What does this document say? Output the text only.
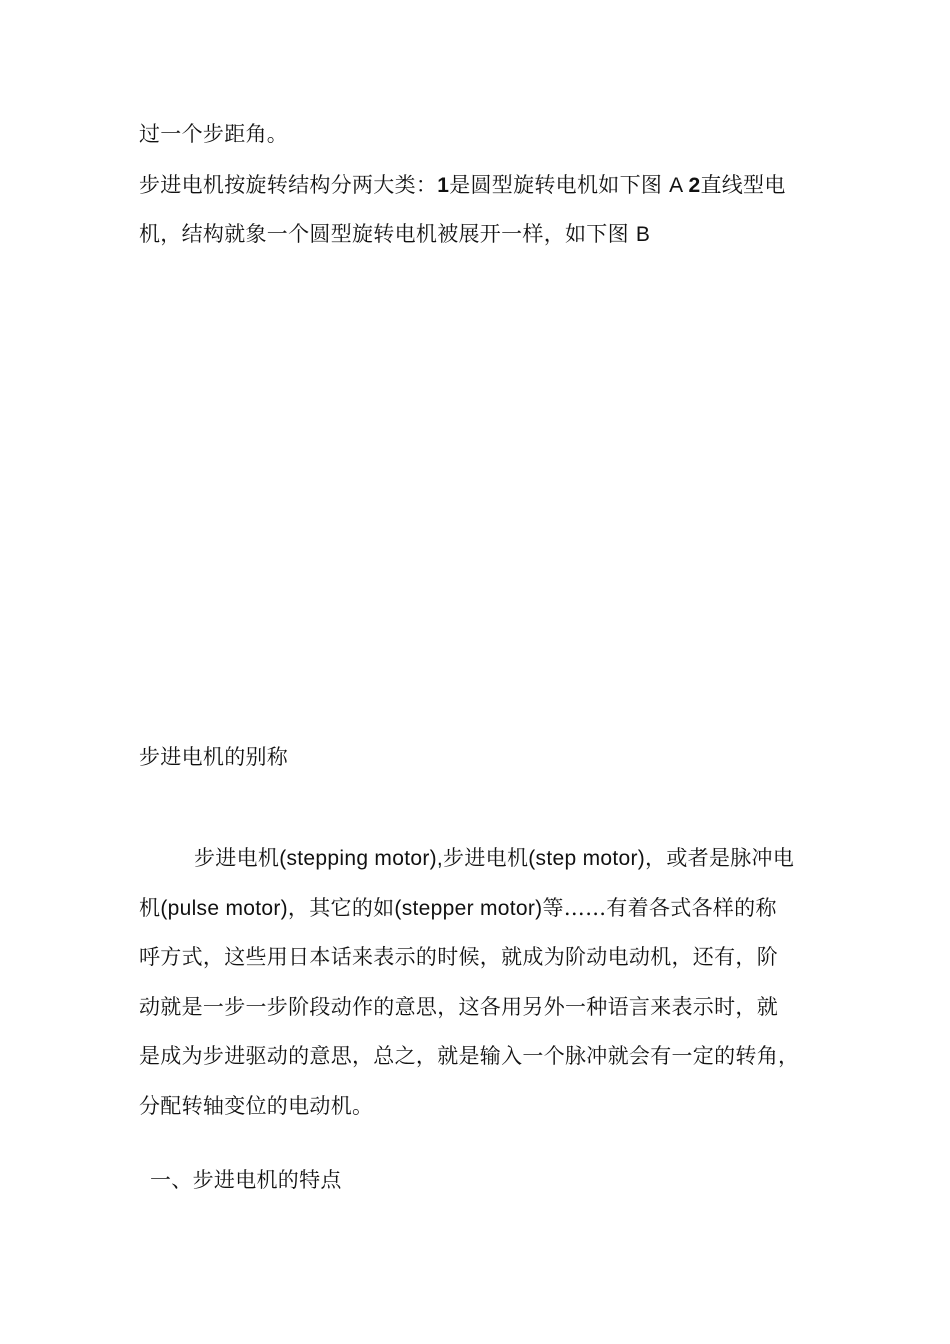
过一个步距角。
步进电机按旋转结构分两大类：1是圆型旋转电机如下图 A 2直线型电
机，结构就象一个圆型旋转电机被展开一样，如下图 B
步进电机的别称
步进电机(stepping motor),步进电机(step motor)，或者是脉冲电
机(pulse motor)，其它的如(stepper motor)等……有着各式各样的称
呼方式，这些用日本话来表示的时候，就成为阶动电动机，还有，阶
动就是一步一步阶段动作的意思，这各用另外一种语言来表示时，就
是成为步进驱动的意思，总之，就是输入一个脉冲就会有一定的转角，
分配转轴变位的电动机。
一、步进电机的特点
